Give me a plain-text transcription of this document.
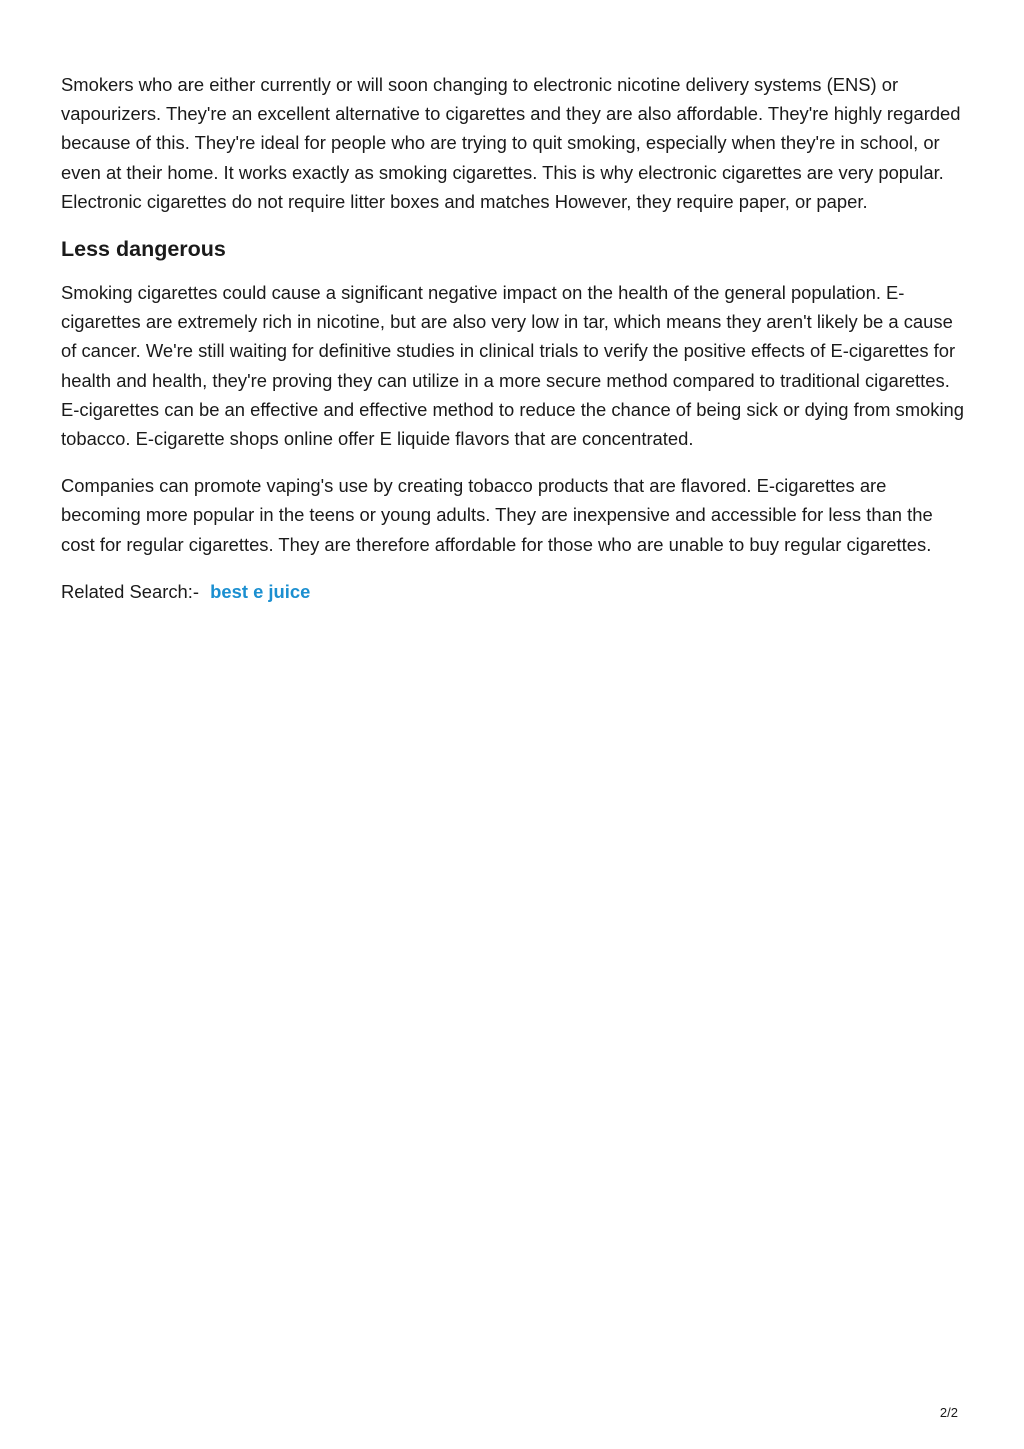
Smokers who are either currently or will soon changing to electronic nicotine delivery systems (ENS) or vapourizers. They're an excellent alternative to cigarettes and they are also affordable. They're highly regarded because of this. They're ideal for people who are trying to quit smoking, especially when they're in school, or even at their home. It works exactly as smoking cigarettes. This is why electronic cigarettes are very popular. Electronic cigarettes do not require litter boxes and matches However, they require paper, or paper.

Less dangerous

Smoking cigarettes could cause a significant negative impact on the health of the general population. E-cigarettes are extremely rich in nicotine, but are also very low in tar, which means they aren't likely be a cause of cancer. We're still waiting for definitive studies in clinical trials to verify the positive effects of E-cigarettes for health and health, they're proving they can utilize in a more secure method compared to traditional cigarettes. E-cigarettes can be an effective and effective method to reduce the chance of being sick or dying from smoking tobacco. E-cigarette shops online offer E liquide flavors that are concentrated.

Companies can promote vaping's use by creating tobacco products that are flavored. E-cigarettes are becoming more popular in the teens or young adults. They are inexpensive and accessible for less than the cost for regular cigarettes. They are therefore affordable for those who are unable to buy regular cigarettes.

Related Search:- best e juice

2/2
